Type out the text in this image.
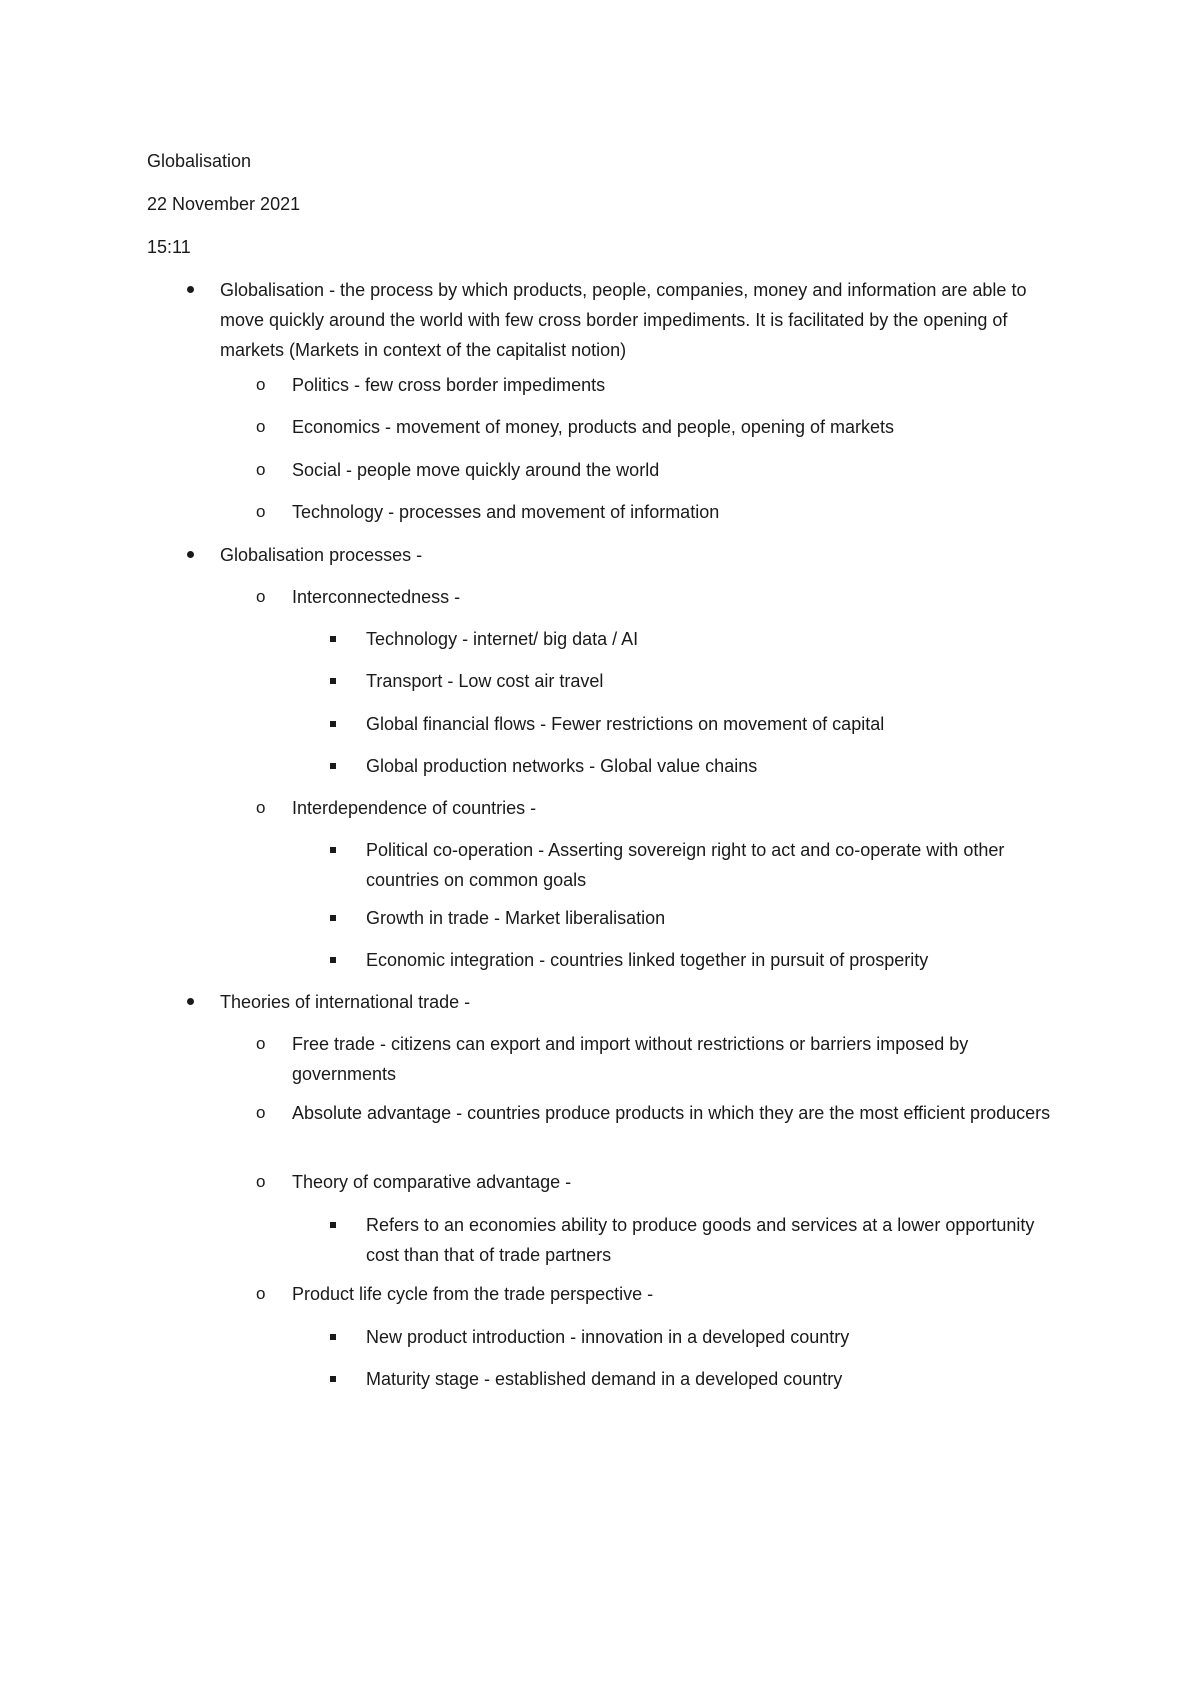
Globalisation

22 November 2021

15:11

Globalisation - the process by which products, people, companies, money and information are able to move quickly around the world with few cross border impediments. It is facilitated by the opening of markets (Markets in context of the capitalist notion)
o Politics - few cross border impediments
o Economics - movement of money, products and people, opening of markets
o Social - people move quickly around the world
o Technology - processes and movement of information
Globalisation processes -
o Interconnectedness -
Technology - internet/ big data / AI
Transport - Low cost air travel
Global financial flows - Fewer restrictions on movement of capital
Global production networks - Global value chains
o Interdependence of countries -
Political co-operation - Asserting sovereign right to act and co-operate with other countries on common goals
Growth in trade - Market liberalisation
Economic integration - countries linked together in pursuit of prosperity
Theories of international trade -
o Free trade - citizens can export and import without restrictions or barriers imposed by governments
o Absolute advantage - countries produce products in which they are the most efficient producers
o Theory of comparative advantage -
Refers to an economies ability to produce goods and services at a lower opportunity cost than that of trade partners
o Product life cycle from the trade perspective -
New product introduction - innovation in a developed country
Maturity stage - established demand in a developed country
